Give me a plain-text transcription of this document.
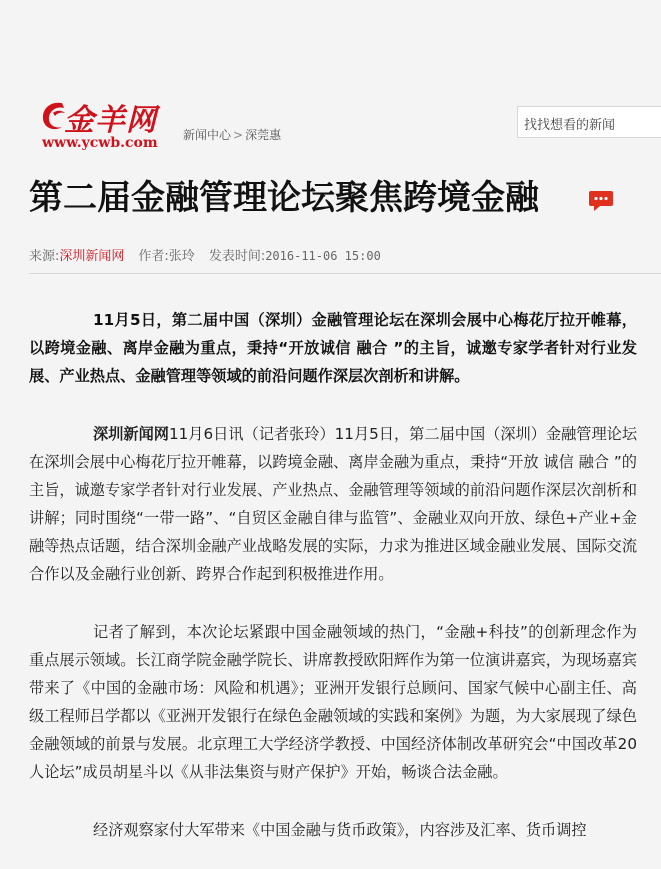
金羊网
www.ycwb.com 新闻中心 > 深莞惠
找找想看的新闻
第二届金融管理论坛聚焦跨境金融
来源:深圳新闻网 作者:张玲 发表时间:2016-11-06 15:00

11月5日，第二届中国（深圳）金融管理论坛在深圳会展中心梅花厅拉开帷幕，以跨境金融、离岸金融为重点，秉持“开放诚信 融合 ”的主旨，诚邀专家学者针对行业发展、产业热点、金融管理等领域的前沿问题作深层次剖析和讲解。

深圳新闻网11月6日讯（记者张玲）11月5日，第二届中国（深圳）金融管理论坛在深圳会展中心梅花厅拉开帷幕，以跨境金融、离岸金融为重点，秉持“开放 诚信 融合 ”的主旨，诚邀专家学者针对行业发展、产业热点、金融管理等领域的前沿问题作深层次剖析和讲解；同时围绕“一带一路”、“自贸区金融自律与监管”、金融业双向开放、绿色+产业+金融等热点话题，结合深圳金融产业战略发展的实际，力求为推进区域金融业发展、国际交流合作以及金融行业创新、跨界合作起到积极推进作用。

记者了解到，本次论坛紧跟中国金融领域的热门，“金融+科技”的创新理念作为重点展示领域。长江商学院金融学院长、讲席教授欧阳辉作为第一位演讲嘉宾，为现场嘉宾带来了《中国的金融市场：风险和机遇》；亚洲开发银行总顾问、国家气候中心副主任、高级工程师吕学都以《亚洲开发银行在绿色金融领域的实践和案例》为题，为大家展现了绿色金融领域的前景与发展。北京理工大学经济学教授、中国经济体制改革研究会“中国改革20人论坛”成员胡星斗以《从非法集资与财产保护》开始，畅谈合法金融。

经济观察家付大军带来《中国金融与货币政策》，内容涉及汇率、货币调控
